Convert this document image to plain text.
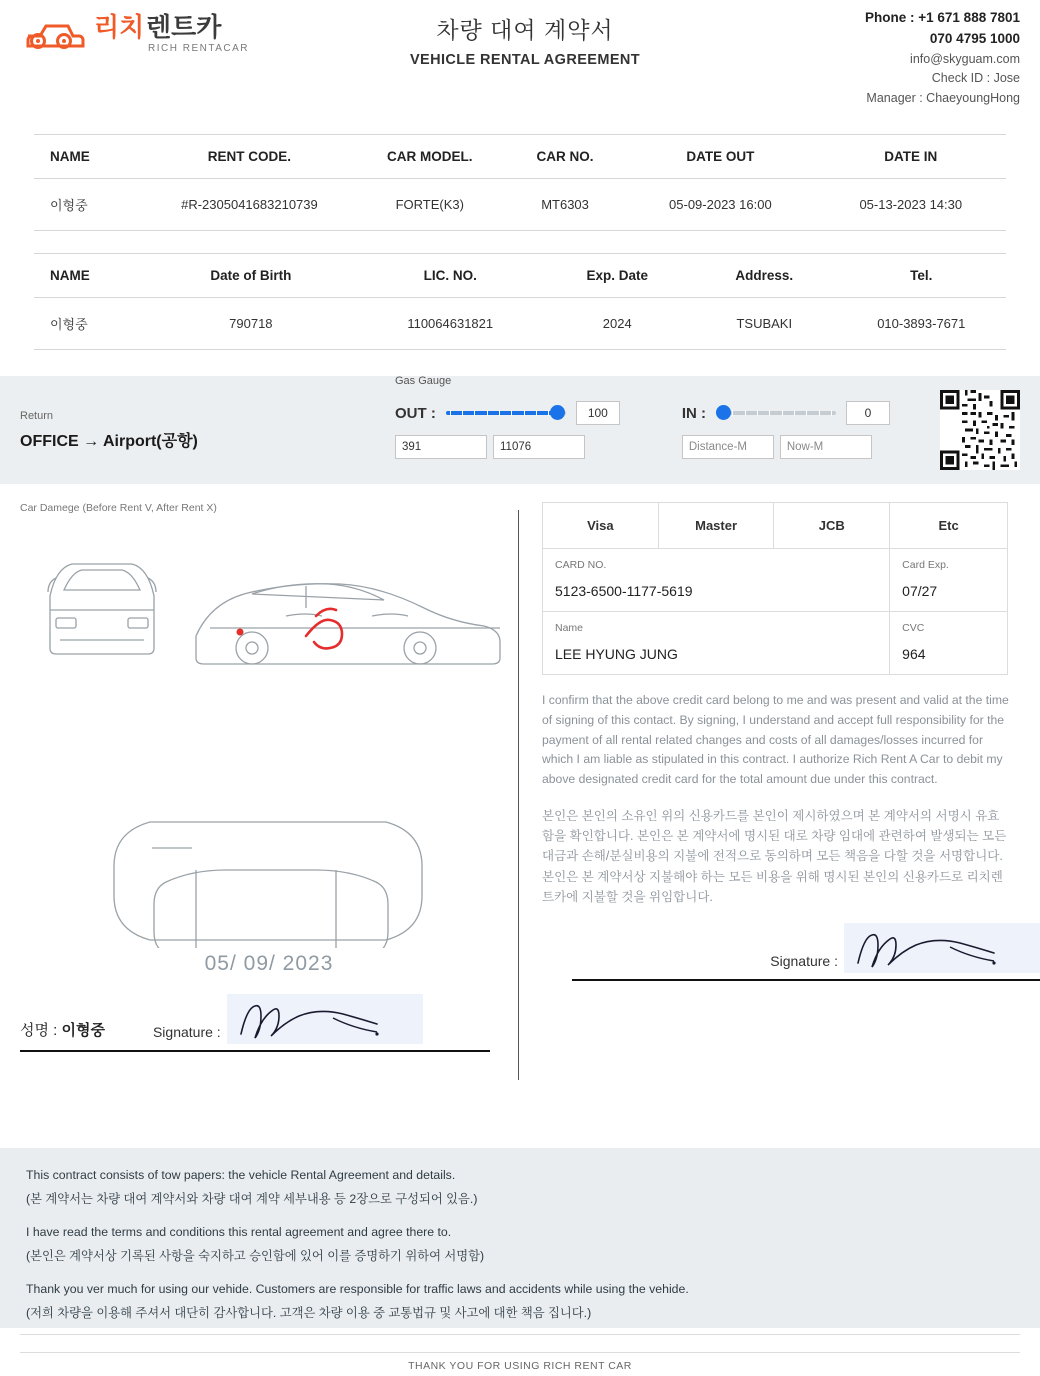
리치 렌트카
RICH RENTACAR
차량 대여 계약서
VEHICLE RENTAL AGREEMENT
Phone : +1 671 888 7801
070 4795 1000
info@skyguam.com
Check ID : Jose
Manager : ChaeyoungHong
NAME	RENT CODE.	CAR MODEL.	CAR NO.	DATE OUT	DATE IN
이형중	#R-2305041683210739	FORTE(K3)	MT6303	05-09-2023 16:00	05-13-2023 14:30
NAME	Date of Birth	LIC. NO.	Exp. Date	Address.	Tel.
이형중	790718	110064631821	2024	TSUBAKI	010-3893-7671
Return
OFFICE → Airport(공항)
Gas Gauge
OUT :	100
391	11076
IN :	0
Distance-M	Now-M
Car Damege (Before Rent V, After Rent X)
05/ 09/ 2023
성명 : 이형중	Signature :
Visa	Master	JCB	Etc

CARD NO.
5123-6500-1177-5619

Card Exp.
07/27

Name
LEE HYUNG JUNG

CVC
964
I confirm that the above credit card belong to me and was present and valid at the time of signing of this contact. By signing, I understand and accept full responsibility for the payment of all rental related changes and costs of all damages/losses incurred for which I am liable as stipulated in this contract. I authorize Rich Rent A Car to debit my above designated credit card for the total amount due under this contract.
본인은 본인의 소유인 위의 신용카드를 본인이 제시하였으며 본 계약서의 서명시 유효함을 확인합니다. 본인은 본 계약서에 명시된 대로 차량 임대에 관련하여 발생되는 모든 대금과 손해/분실비용의 지불에 전적으로 동의하며 모든 책음을 다할 것을 서명합니다. 본인은 본 계약서상 지불해야 하는 모든 비용을 위해 명시된 본인의 신용카드로 리치렌트카에 지불할 것을 위임합니다.
Signature :

This contract consists of tow papers: the vehicle Rental Agreement and details.

(본 계약서는 차량 대여 계약서와 차량 대여 계약 세부내용 등 2장으로 구성되어 있음.)

I have read the terms and conditions this rental agreement and agree there to.

(본인은 계약서상 기록된 사항을 숙지하고 승인함에 있어 이를 증명하기 위하여 서명함)

Thank you ver much for using our vehide. Customers are responsible for traffic laws and accidents while using the vehide.

(저희 차량을 이용해 주셔서 대단히 감사합니다. 고객은 차량 이용 중 교통법규 및 사고에 대한 책음 집니다.)

THANK YOU FOR USING RICH RENT CAR
